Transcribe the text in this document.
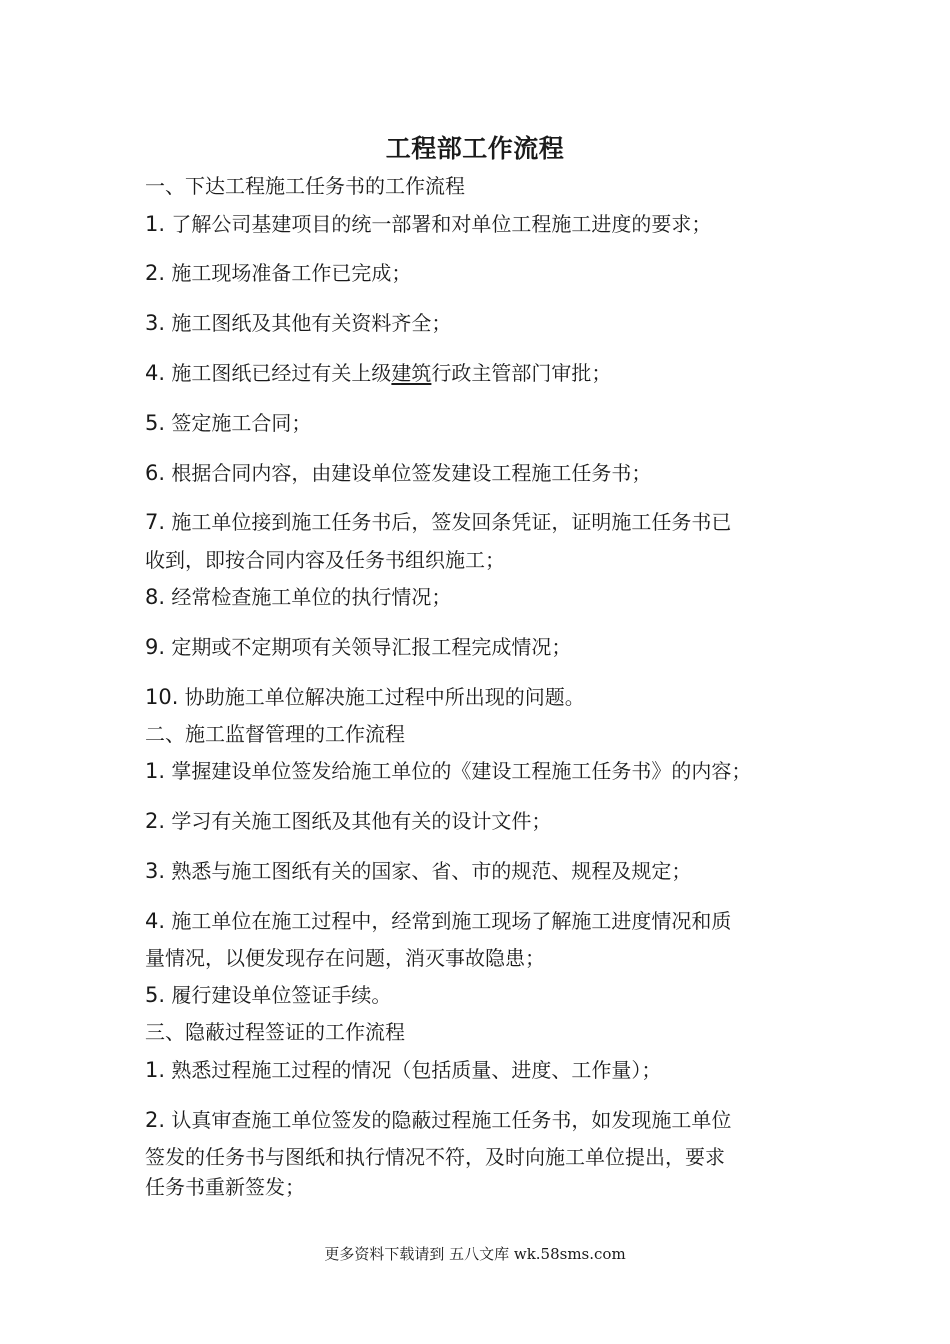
工程部工作流程
一、下达工程施工任务书的工作流程
1. 了解公司基建项目的统一部署和对单位工程施工进度的要求；
2. 施工现场准备工作已完成；
3. 施工图纸及其他有关资料齐全；
4. 施工图纸已经过有关上级建筑行政主管部门审批；
5. 签定施工合同；
6. 根据合同内容，由建设单位签发建设工程施工任务书；
7. 施工单位接到施工任务书后，签发回条凭证，证明施工任务书已
收到，即按合同内容及任务书组织施工；
8. 经常检查施工单位的执行情况；
9. 定期或不定期项有关领导汇报工程完成情况；
10. 协助施工单位解决施工过程中所出现的问题。
二、施工监督管理的工作流程
1. 掌握建设单位签发给施工单位的《建设工程施工任务书》的内容；
2. 学习有关施工图纸及其他有关的设计文件；
3. 熟悉与施工图纸有关的国家、省、市的规范、规程及规定；
4. 施工单位在施工过程中，经常到施工现场了解施工进度情况和质
量情况，以便发现存在问题，消灭事故隐患；
5. 履行建设单位签证手续。
三、隐蔽过程签证的工作流程
1. 熟悉过程施工过程的情况（包括质量、进度、工作量）；
2. 认真审查施工单位签发的隐蔽过程施工任务书，如发现施工单位
签发的任务书与图纸和执行情况不符，及时向施工单位提出，要求
任务书重新签发；
更多资料下载请到 五八文库 wk.58sms.com
